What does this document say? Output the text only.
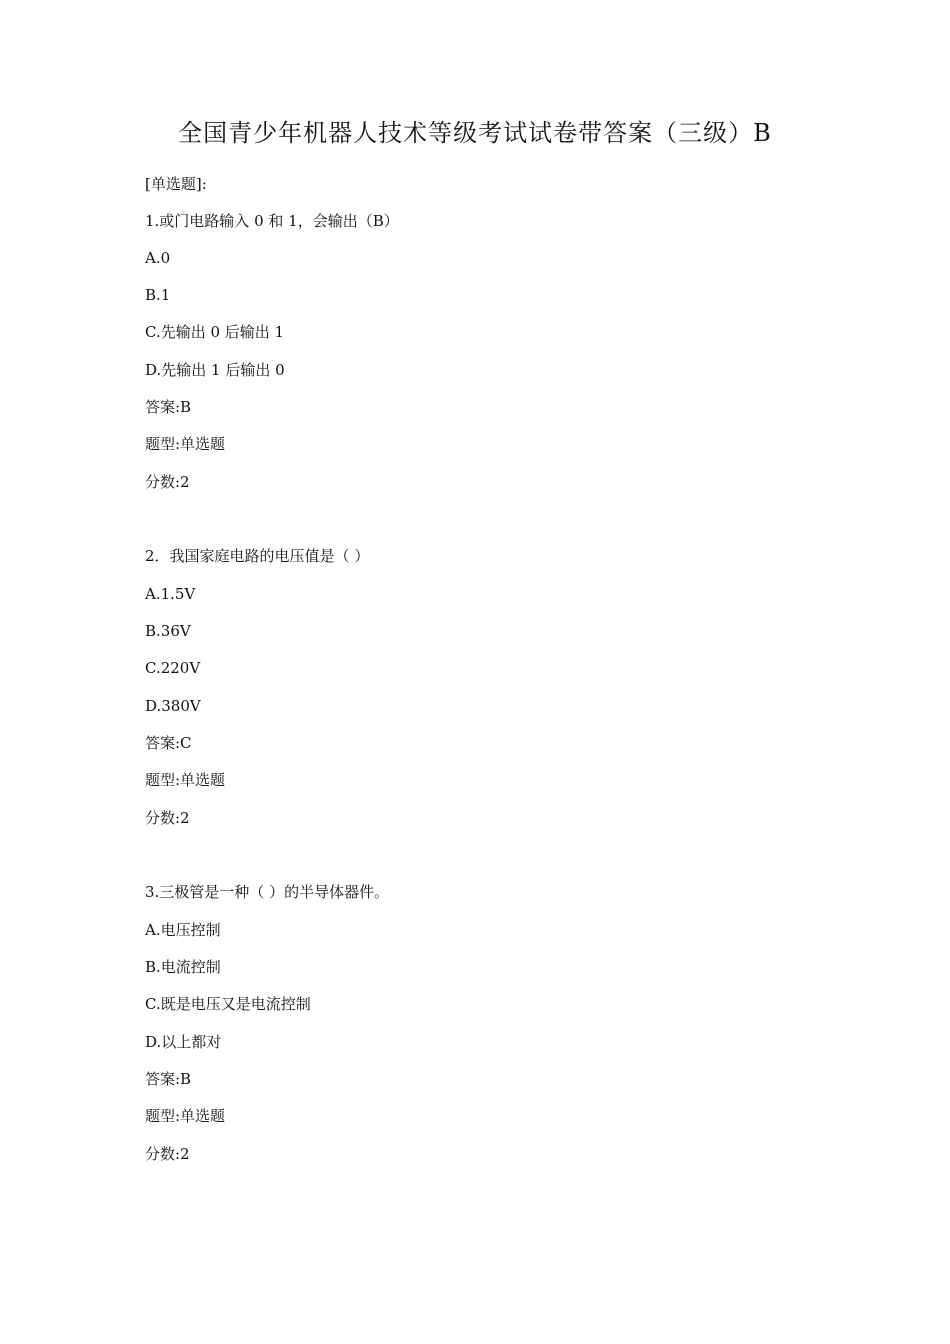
全国青少年机器人技术等级考试试卷带答案（三级）B
[单选题]:
1.或门电路输入 0 和 1，会输出（B）
A.0
B.1
C.先输出 0 后输出 1
D.先输出 1 后输出 0
答案:B
题型:单选题
分数:2
2．我国家庭电路的电压值是（ ）
A.1.5V
B.36V
C.220V
D.380V
答案:C
题型:单选题
分数:2
3.三极管是一种（ ）的半导体器件。
A.电压控制
B.电流控制
C.既是电压又是电流控制
D.以上都对
答案:B
题型:单选题
分数:2
